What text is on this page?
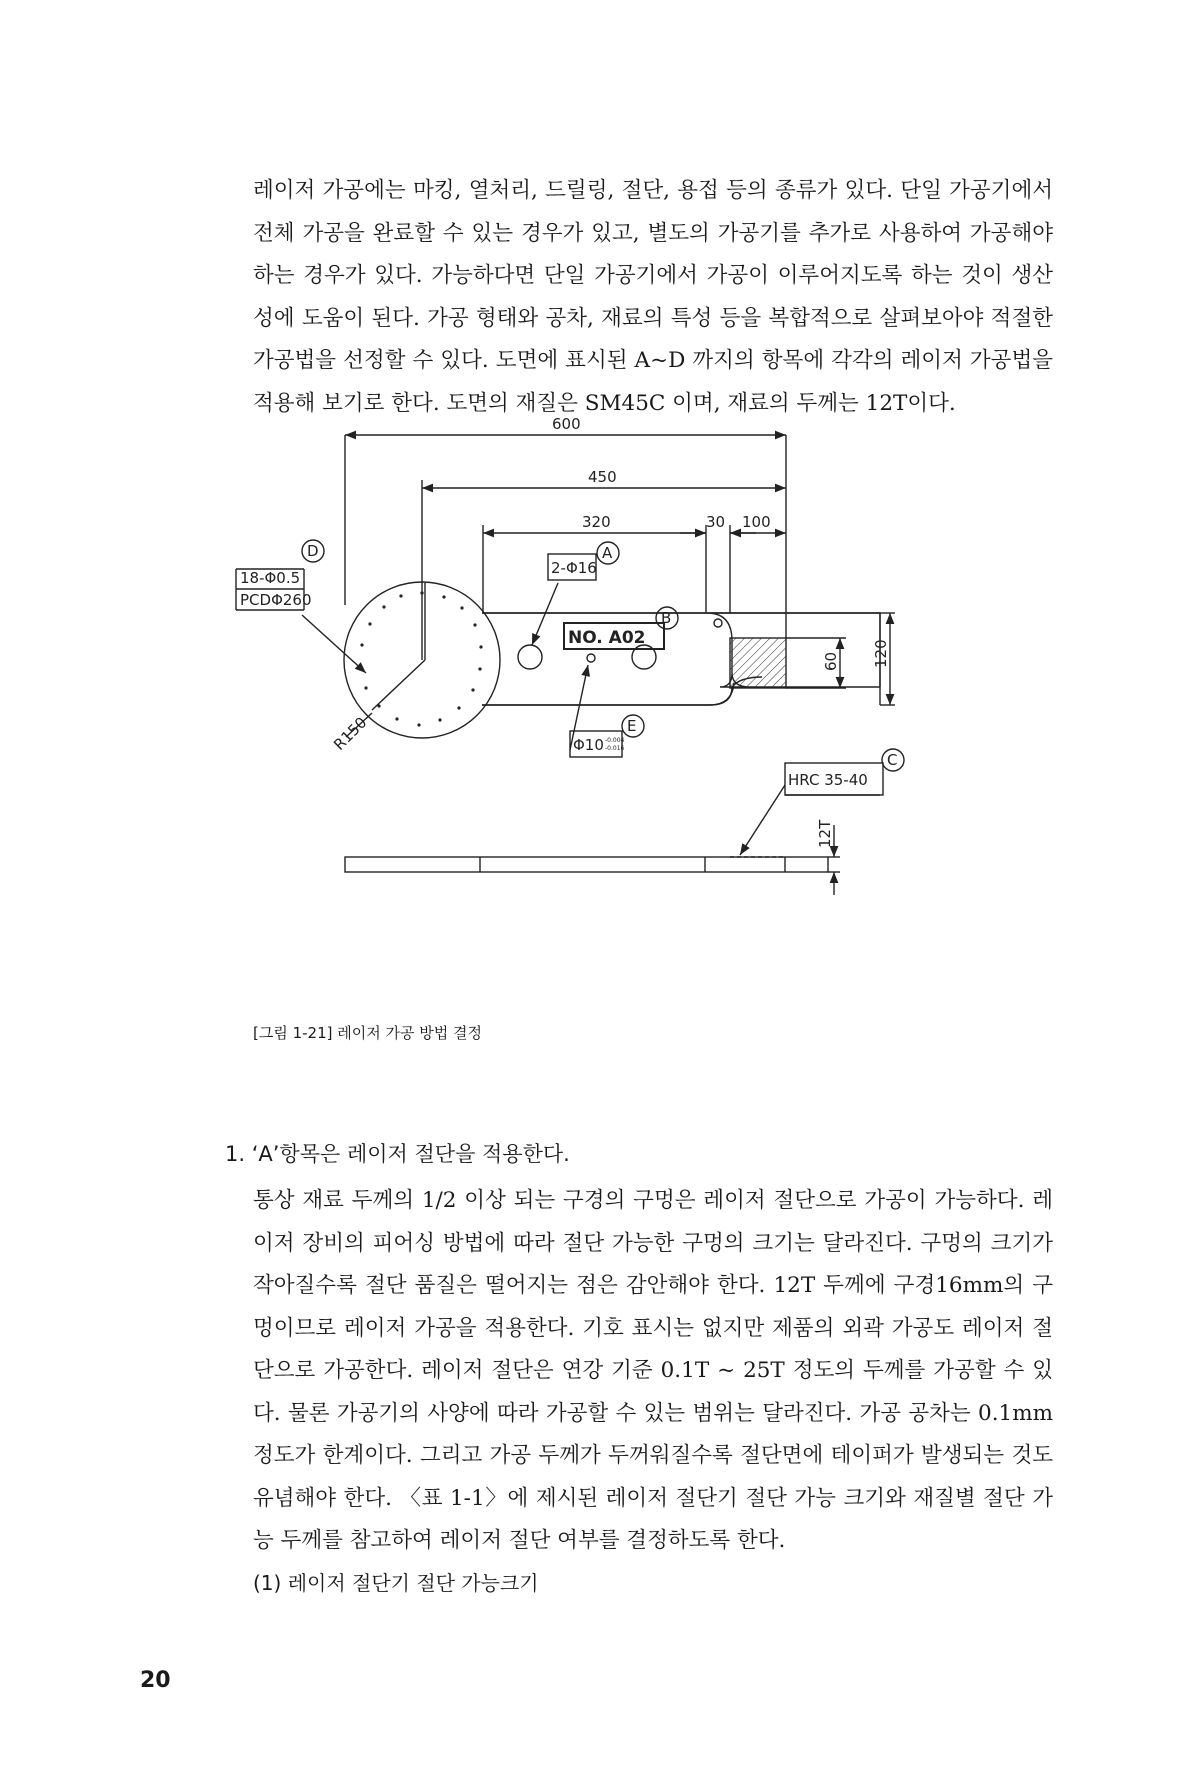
레이저 가공에는 마킹, 열처리, 드릴링, 절단, 용접 등의 종류가 있다. 단일 가공기에서 전체 가공을 완료할 수 있는 경우가 있고, 별도의 가공기를 추가로 사용하여 가공해야 하는 경우가 있다. 가능하다면 단일 가공기에서 가공이 이루어지도록 하는 것이 생산성에 도움이 된다. 가공 형태와 공차, 재료의 특성 등을 복합적으로 살펴보아야 적절한 가공법을 선정할 수 있다. 도면에 표시된 A~D 까지의 항목에 각각의 레이저 가공법을 적용해 보기로 한다. 도면의 재질은 SM45C 이며, 재료의 두께는 12T이다.

600
450
320	30 100
60 120
12T
R150
2-Φ16
Φ10
18-Φ0.5
PCDΦ260
HRC 35-40
A
B
C
D
E
-0.004
-0.016
NO. A02
[그림 1-21] 레이저 가공 방법 결정
1. ‘A’항목은 레이저 절단을 적용한다.

통상 재료 두께의 1/2 이상 되는 구경의 구멍은 레이저 절단으로 가공이 가능하다. 레이저 장비의 피어싱 방법에 따라 절단 가능한 구멍의 크기는 달라진다. 구멍의 크기가 작아질수록 절단 품질은 떨어지는 점은 감안해야 한다. 12T 두께에 구경16mm의 구멍이므로 레이저 가공을 적용한다. 기호 표시는 없지만 제품의 외곽 가공도 레이저 절단으로 가공한다. 레이저 절단은 연강 기준 0.1T ~ 25T 정도의 두께를 가공할 수 있다. 물론 가공기의 사양에 따라 가공할 수 있는 범위는 달라진다. 가공 공차는 0.1mm 정도가 한계이다. 그리고 가공 두께가 두꺼워질수록 절단면에 테이퍼가 발생되는 것도 유념해야 한다. 〈표 1-1〉에 제시된 레이저 절단기 절단 가능 크기와 재질별 절단 가능 두께를 참고하여 레이저 절단 여부를 결정하도록 한다.

(1) 레이저 절단기 절단 가능크기
20
